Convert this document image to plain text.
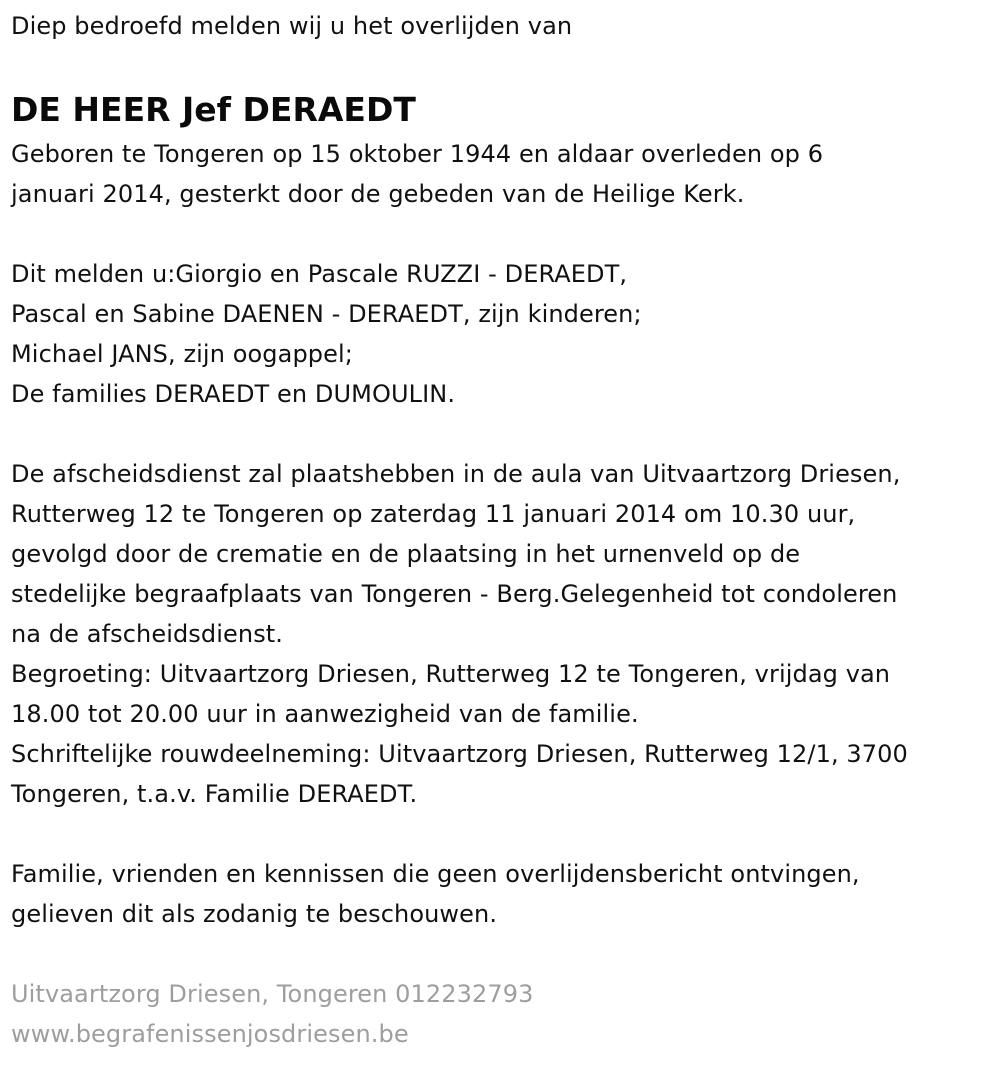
Diep bedroefd melden wij u het overlijden van
DE HEER Jef DERAEDT
Geboren te Tongeren op 15 oktober 1944 en aldaar overleden op 6
januari 2014, gesterkt door de gebeden van de Heilige Kerk.
Dit melden u:Giorgio en Pascale RUZZI - DERAEDT,
Pascal en Sabine DAENEN - DERAEDT, zijn kinderen;
Michael JANS, zijn oogappel;
De families DERAEDT en DUMOULIN.
De afscheidsdienst zal plaatshebben in de aula van Uitvaartzorg Driesen,
Rutterweg 12 te Tongeren op zaterdag 11 januari 2014 om 10.30 uur,
gevolgd door de crematie en de plaatsing in het urnenveld op de
stedelijke begraafplaats van Tongeren - Berg.Gelegenheid tot condoleren
na de afscheidsdienst.
Begroeting: Uitvaartzorg Driesen, Rutterweg 12 te Tongeren, vrijdag van
18.00 tot 20.00 uur in aanwezigheid van de familie.
Schriftelijke rouwdeelneming: Uitvaartzorg Driesen, Rutterweg 12/1, 3700
Tongeren, t.a.v. Familie DERAEDT.
Familie, vrienden en kennissen die geen overlijdensbericht ontvingen,
gelieven dit als zodanig te beschouwen.
Uitvaartzorg Driesen, Tongeren 012232793
www.begrafenissenjosdriesen.be
